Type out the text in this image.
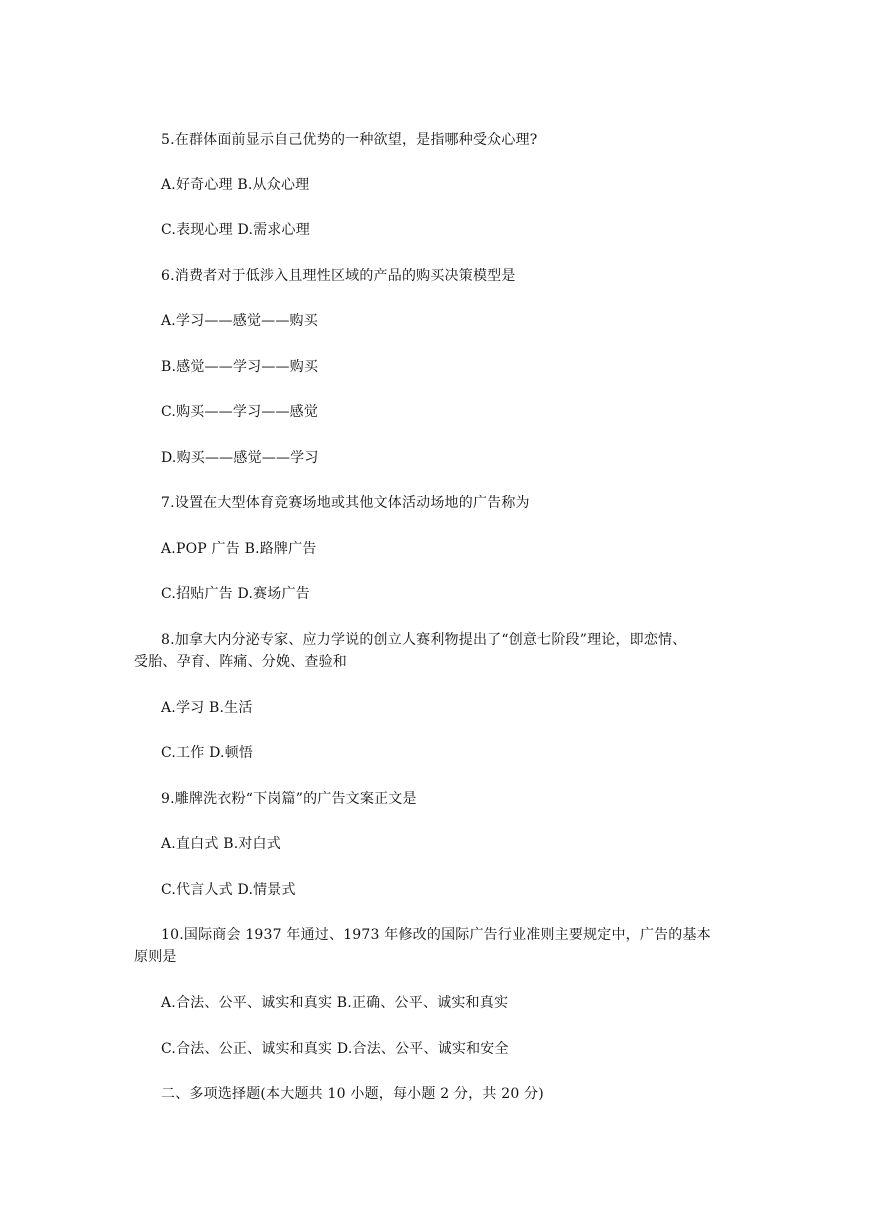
5.在群体面前显示自己优势的一种欲望，是指哪种受众心理?
A.好奇心理 B.从众心理
C.表现心理 D.需求心理
6.消费者对于低涉入且理性区域的产品的购买决策模型是
A.学习——感觉——购买
B.感觉——学习——购买
C.购买——学习——感觉
D.购买——感觉——学习
7.设置在大型体育竞赛场地或其他文体活动场地的广告称为
A.POP 广告 B.路牌广告
C.招贴广告 D.赛场广告
8.加拿大内分泌专家、应力学说的创立人赛利物提出了“创意七阶段”理论，即恋情、
受胎、孕育、阵痛、分娩、查验和
A.学习 B.生活
C.工作 D.顿悟
9.雕牌洗衣粉“下岗篇”的广告文案正文是
A.直白式 B.对白式
C.代言人式 D.情景式
10.国际商会 1937 年通过、1973 年修改的国际广告行业准则主要规定中，广告的基本
原则是
A.合法、公平、诚实和真实 B.正确、公平、诚实和真实
C.合法、公正、诚实和真实 D.合法、公平、诚实和安全
二、多项选择题(本大题共 10 小题，每小题 2 分，共 20 分)
